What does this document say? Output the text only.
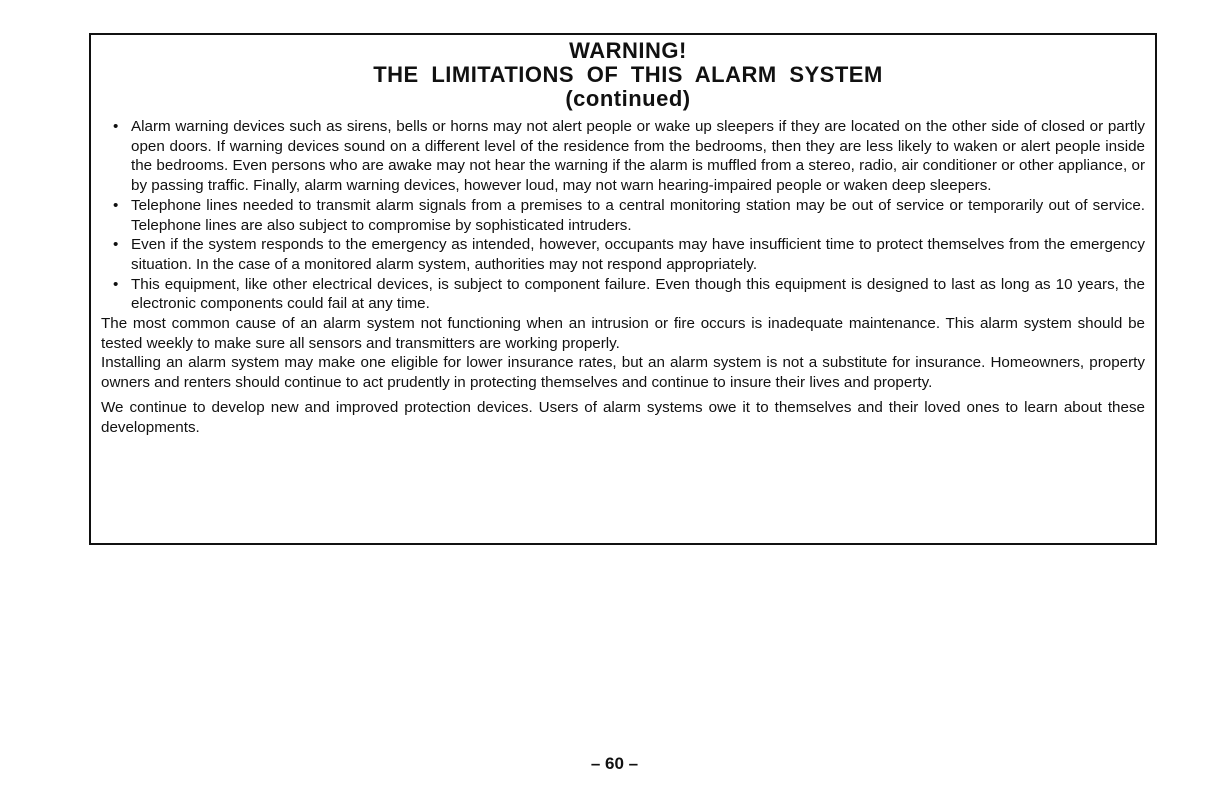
WARNING!
THE LIMITATIONS OF THIS ALARM SYSTEM
(continued)
• Alarm warning devices such as sirens, bells or horns may not alert people or wake up sleepers if they are located on the other side of closed or partly open doors. If warning devices sound on a different level of the residence from the bedrooms, then they are less likely to waken or alert people inside the bedrooms. Even persons who are awake may not hear the warning if the alarm is muffled from a stereo, radio, air conditioner or other appliance, or by passing traffic. Finally, alarm warning devices, however loud, may not warn hearing-impaired people or waken deep sleepers.
• Telephone lines needed to transmit alarm signals from a premises to a central monitoring station may be out of service or temporarily out of service. Telephone lines are also subject to compromise by sophisticated intruders.
• Even if the system responds to the emergency as intended, however, occupants may have insufficient time to protect themselves from the emergency situation. In the case of a monitored alarm system, authorities may not respond appropriately.
• This equipment, like other electrical devices, is subject to component failure. Even though this equipment is designed to last as long as 10 years, the electronic components could fail at any time.

The most common cause of an alarm system not functioning when an intrusion or fire occurs is inadequate maintenance. This alarm system should be tested weekly to make sure all sensors and transmitters are working properly.

Installing an alarm system may make one eligible for lower insurance rates, but an alarm system is not a substitute for insurance. Homeowners, property owners and renters should continue to act prudently in protecting themselves and continue to insure their lives and property.

We continue to develop new and improved protection devices. Users of alarm systems owe it to themselves and their loved ones to learn about these developments.

– 60 –
